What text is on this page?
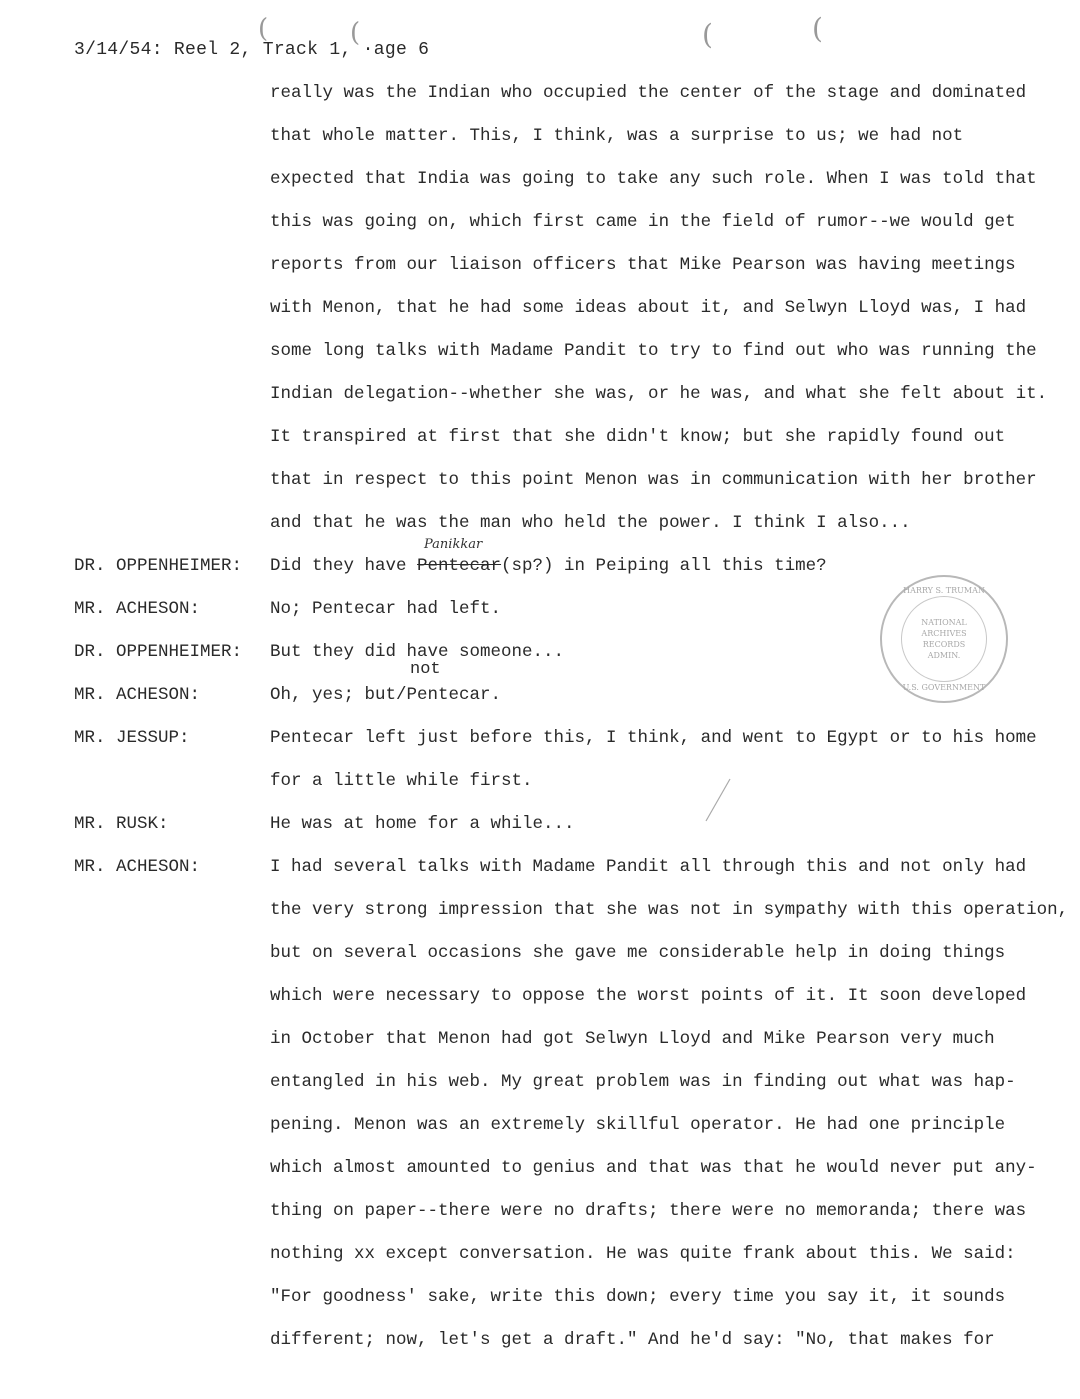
3/14/54: Reel 2, Track 1, ·age 6
(	(	(	(
really was the Indian who occupied the center of the stage and dominated
that whole matter. This, I think, was a surprise to us; we had not
expected that India was going to take any such role. When I was told that
this was going on, which first came in the field of rumor--we would get
reports from our liaison officers that Mike Pearson was having meetings
with Menon, that he had some ideas about it, and Selwyn Lloyd was, I had
some long talks with Madame Pandit to try to find out who was running the
Indian delegation--whether she was, or he was, and what she felt about it.
It transpired at first that she didn't know; but she rapidly found out
that in respect to this point Menon was in communication with her brother
and that he was the man who held the power. I think I also...
DR. OPPENHEIMER:	Did they have Pentecar(sp?) in Peiping all this time?
Panikkar
MR. ACHESON:	No; Pentecar had left.
DR. OPPENHEIMER:	But they did have someone...
MR. ACHESON:	Oh, yes; but/Pentecar.
not
MR. JESSUP:	Pentecar left just before this, I think, and went to Egypt or to his home
for a little while first.
MR. RUSK:	He was at home for a while...
MR. ACHESON:	I had several talks with Madame Pandit all through this and not only had
the very strong impression that she was not in sympathy with this operation,
but on several occasions she gave me considerable help in doing things
which were necessary to oppose the worst points of it. It soon developed
in October that Menon had got Selwyn Lloyd and Mike Pearson very much
entangled in his web. My great problem was in finding out what was hap-
pening. Menon was an extremely skillful operator. He had one principle
which almost amounted to genius and that was that he would never put any-
thing on paper--there were no drafts; there were no memoranda; there was
nothing xx except conversation. He was quite frank about this. We said:
"For goodness' sake, write this down; every time you say it, it sounds
different; now, let's get a draft." And he'd say: "No, that makes for
HARRY S. TRUMAN
NATIONAL
ARCHIVES
RECORDS
ADMIN.
U.S. GOVERNMENT
